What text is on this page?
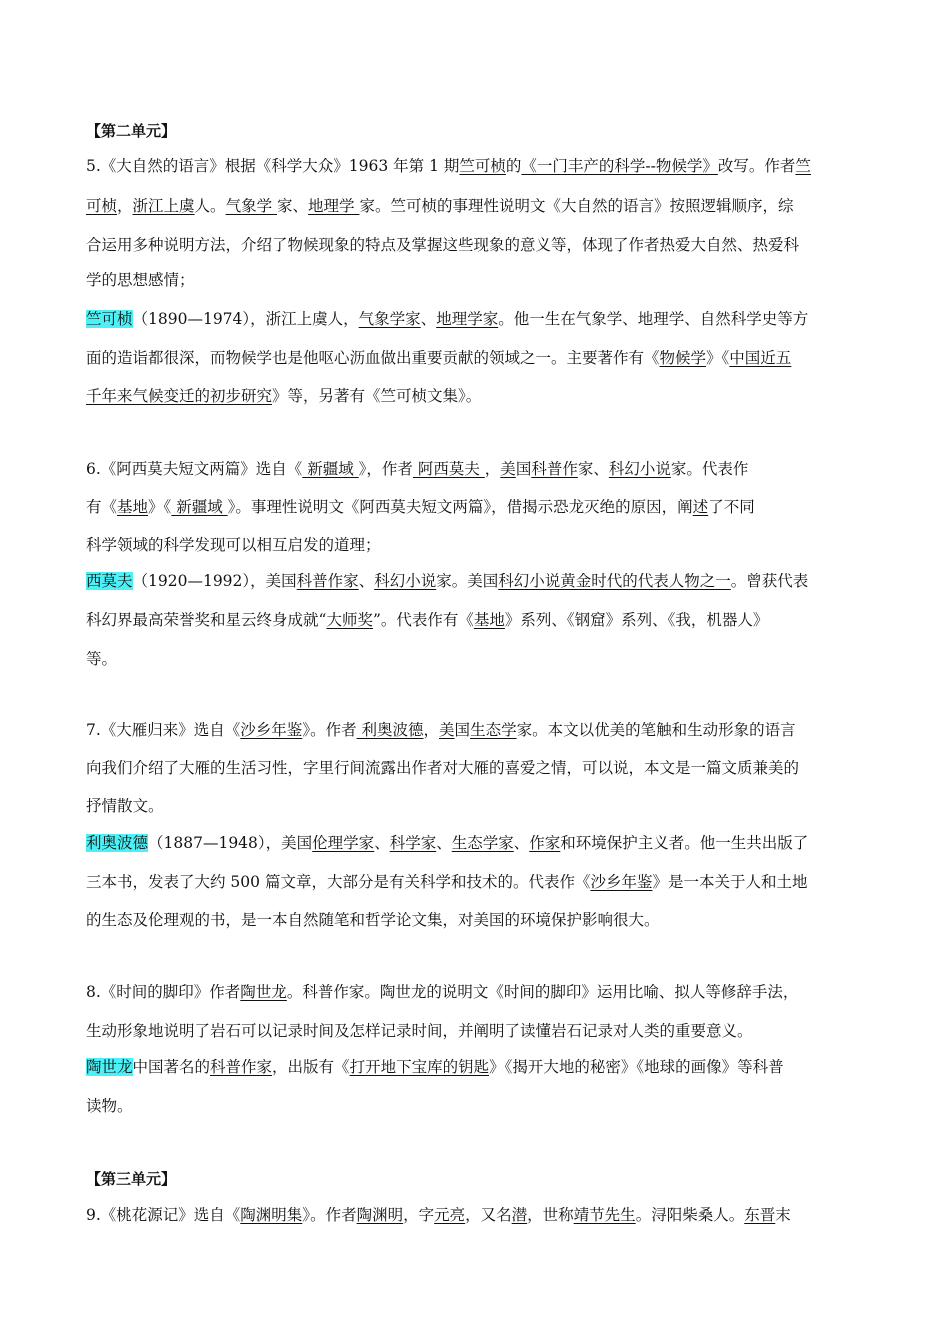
【第二单元】
5.《大自然的语言》根据《科学大众》1963 年第 1 期竺可桢的《一门丰产的科学--物候学》改写。作者竺
可桢，浙江上虞人。气象学 家、地理学 家。竺可桢的事理性说明文《大自然的语言》按照逻辑顺序，综
合运用多种说明方法，介绍了物候现象的特点及掌握这些现象的意义等，体现了作者热爱大自然、热爱科
学的思想感情；
竺可桢（1890—1974），浙江上虞人，气象学家、地理学家。他一生在气象学、地理学、自然科学史等方
面的造诣都很深，而物候学也是他呕心沥血做出重要贡献的领域之一。主要著作有《物候学》《中国近五
千年来气候变迁的初步研究》等，另著有《竺可桢文集》。
6.《阿西莫夫短文两篇》选自《 新疆域 》，作者 阿西莫夫 ，美国科普作家、科幻小说家。代表作
有《基地》《 新疆域 》。事理性说明文《阿西莫夫短文两篇》，借揭示恐龙灭绝的原因，阐述了不同
科学领域的科学发现可以相互启发的道理；
西莫夫（1920—1992），美国科普作家、科幻小说家。美国科幻小说黄金时代的代表人物之一。曾获代表
科幻界最高荣誉奖和星云终身成就“大师奖”。代表作有《基地》系列、《钢窟》系列、《我，机器人》
等。
7.《大雁归来》选自《沙乡年鉴》。作者 利奥波德，美国生态学家。本文以优美的笔触和生动形象的语言
向我们介绍了大雁的生活习性，字里行间流露出作者对大雁的喜爱之情，可以说，本文是一篇文质兼美的
抒情散文。
利奥波德（1887—1948），美国伦理学家、科学家、生态学家、作家和环境保护主义者。他一生共出版了
三本书，发表了大约 500 篇文章，大部分是有关科学和技术的。代表作《沙乡年鉴》是一本关于人和土地
的生态及伦理观的书，是一本自然随笔和哲学论文集，对美国的环境保护影响很大。
8.《时间的脚印》作者陶世龙。科普作家。陶世龙的说明文《时间的脚印》运用比喻、拟人等修辞手法，
生动形象地说明了岩石可以记录时间及怎样记录时间，并阐明了读懂岩石记录对人类的重要意义。
陶世龙中国著名的科普作家，出版有《打开地下宝库的钥匙》《揭开大地的秘密》《地球的画像》等科普
读物。
【第三单元】
9.《桃花源记》选自《陶渊明集》。作者陶渊明，字元亮，又名潜，世称靖节先生。浔阳柴桑人。东晋末
